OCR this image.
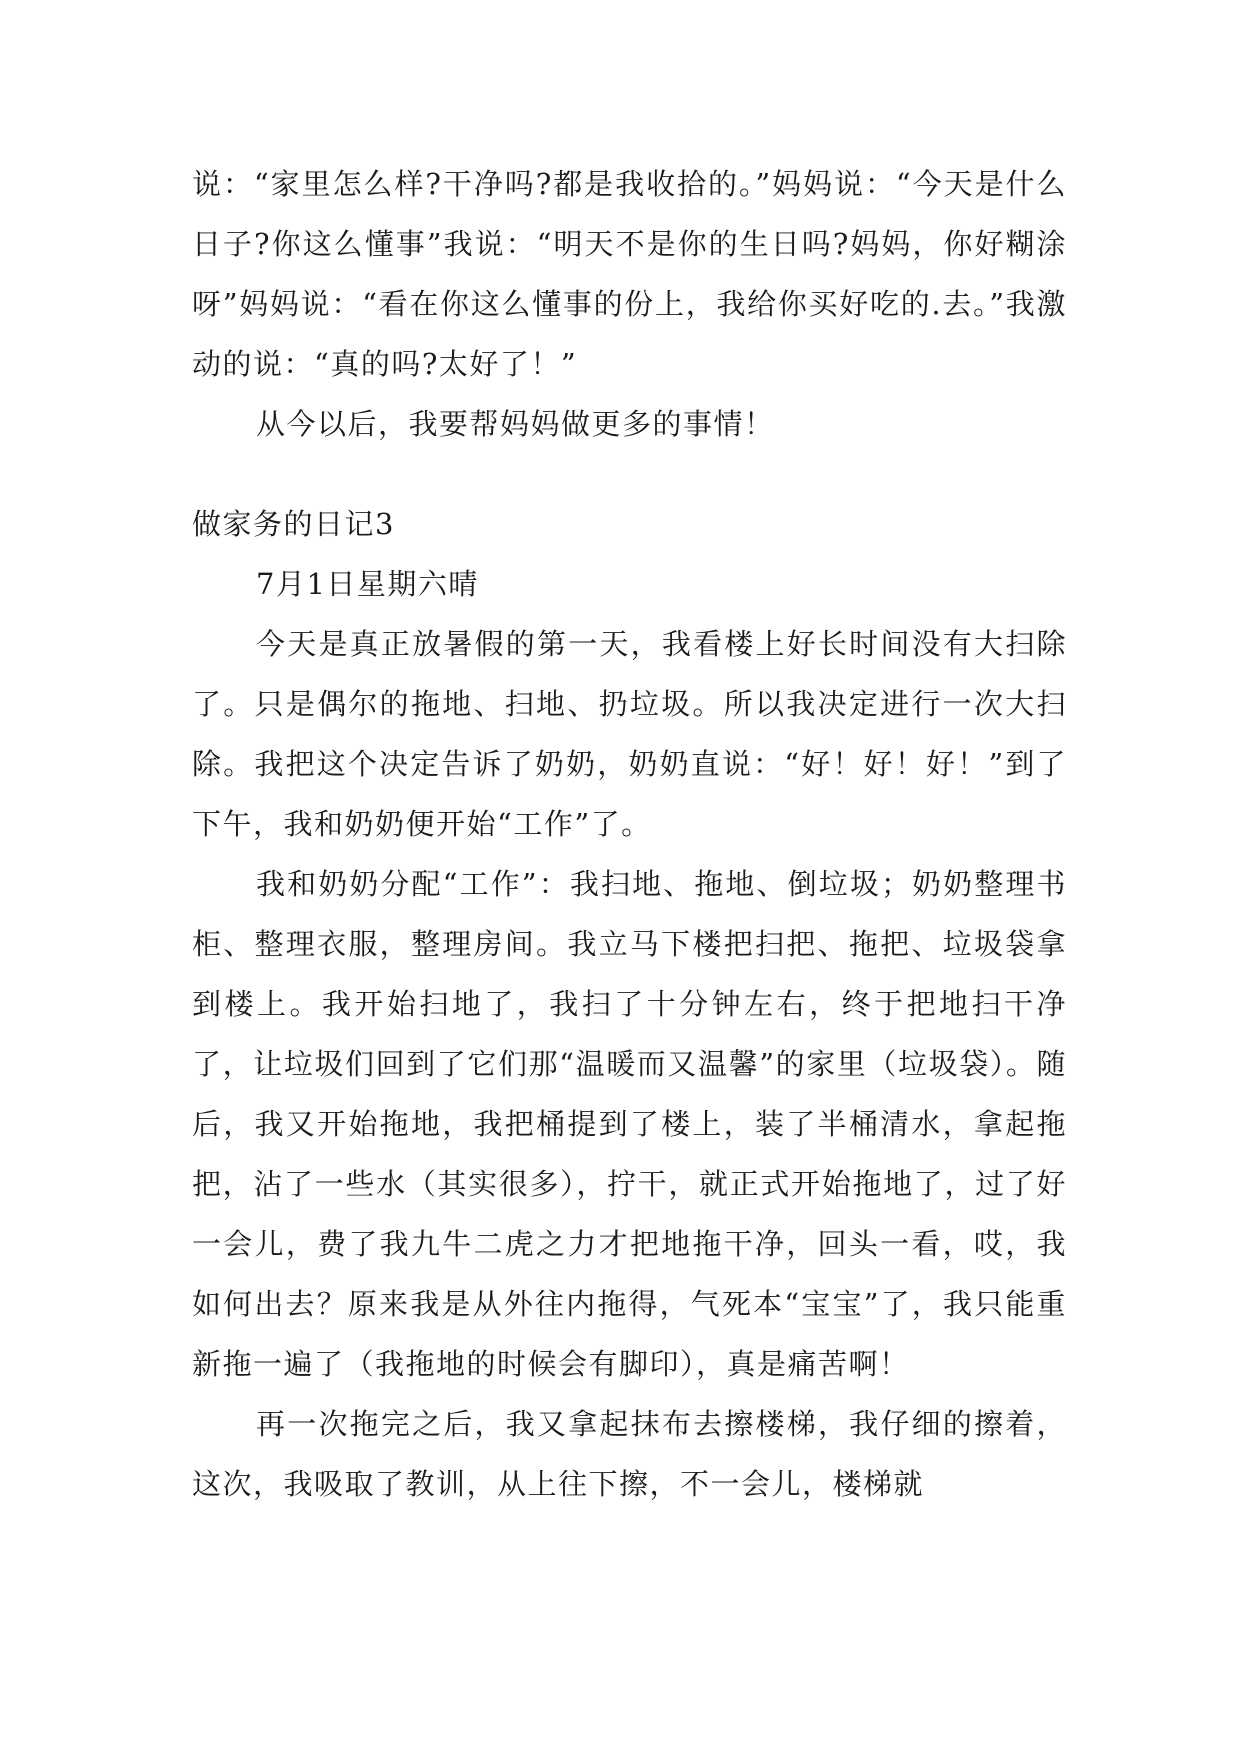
说：“家里怎么样?干净吗?都是我收拾的。”妈妈说：“今天是什么日子?你这么懂事”我说：“明天不是你的生日吗?妈妈，你好糊涂呀”妈妈说：“看在你这么懂事的份上，我给你买好吃的.去。”我激动的说：“真的吗?太好了！”

从今以后，我要帮妈妈做更多的事情！

做家务的日记3

7月1日星期六晴

今天是真正放暑假的第一天，我看楼上好长时间没有大扫除了。只是偶尔的拖地、扫地、扔垃圾。所以我决定进行一次大扫除。我把这个决定告诉了奶奶，奶奶直说：“好！好！好！”到了下午，我和奶奶便开始“工作”了。

我和奶奶分配“工作”：我扫地、拖地、倒垃圾；奶奶整理书柜、整理衣服，整理房间。我立马下楼把扫把、拖把、垃圾袋拿到楼上。我开始扫地了，我扫了十分钟左右，终于把地扫干净了，让垃圾们回到了它们那“温暖而又温馨”的家里（垃圾袋）。随后，我又开始拖地，我把桶提到了楼上，装了半桶清水，拿起拖把，沾了一些水（其实很多），拧干，就正式开始拖地了，过了好一会儿，费了我九牛二虎之力才把地拖干净，回头一看，哎，我如何出去？原来我是从外往内拖得，气死本“宝宝”了，我只能重新拖一遍了（我拖地的时候会有脚印），真是痛苦啊！

再一次拖完之后，我又拿起抹布去擦楼梯，我仔细的擦着，这次，我吸取了教训，从上往下擦，不一会儿，楼梯就
